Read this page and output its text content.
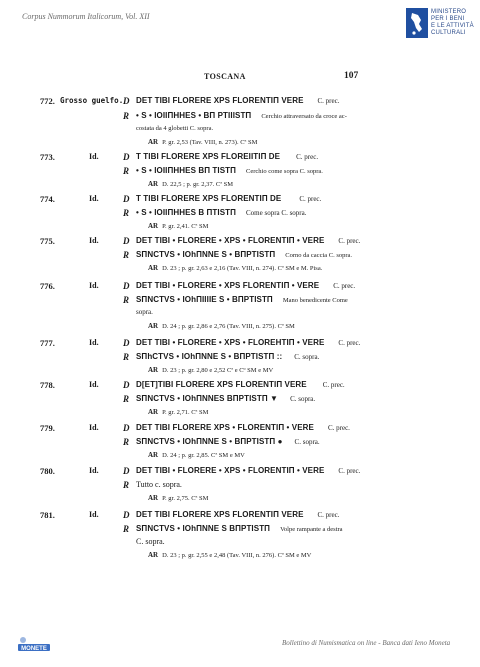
Corpus Nummorum Italicorum, Vol. XII	MINISTERO
PER I BENI
E LE ATTIVITÀ
CULTURALI
TOSCANA	107
772. Grosso guelfo. D DET TIBI FLORERE XPS FLORENTIΠ VERE C. prec.
R • S • IOIIΠHHES • BΠ PTIIISTΠ Cerchio attraversato da croce ac-
costata da 4 globetti C. sopra.
AR P. gr. 2,53 (Tav. VIII, n. 273). Cª SM
773.	Id.	D T TIBI FLORERE XPS FLOREIITIΠ DE C. prec.
R • S • IOIIΠHHES BΠ TISTΠ Cerchio come sopra C. sopra.
AR D. 22,5 ; p. gr. 2,37. Cª SM
774.	Id.	D T TIBI FLORERE XPS FLORENTIΠ DE	C. prec.
R • S • IOIIΠHHES B ΠTISTΠ Come sopra C. sopra.
AR P. gr. 2,41. Cª SM
775.	Id.	D DET TIBI • FLORERE • XPS • FLORENTIΠ • VERE C. prec.
R SΠNCTVS • IOhΠNNE S • BΠPTISTΠ Corno da caccia C. sopra.
AR D. 23 ; p. gr. 2,63 e 2,16 (Tav. VIII, n. 274). Cª SM e M. Pisa.
776.	Id.	D DET TIBI • FLORERE • XPS FLORENTIΠ • VERE C. prec.
R SΠNCTVS • IOhΠIIIIE S • BΠPTISTΠ Mano benedicente Come
sopra.
AR D. 24 ; p. gr. 2,86 e 2,76 (Tav. VIII, n. 275). Cª SM
777.	Id.	D DET TIBI • FLORERE • XPS • FLOREHTIΠ • VERE C. prec.
R SΠhCTVS • IOhΠNNE S • BΠPTISTΠ :: C. sopra.
AR D. 23 ; p. gr. 2,80 e 2,52 Cª e Cº SM e MV
778.	Id.	D D[ET]TIBI FLORERE XPS FLORENTIΠ VERE C. prec.
R SΠNCTVS • IOhΠNNES BΠPTISTΠ ▼ C. sopra.
AR P. gr. 2,71. Cª SM
779.	Id.	D DET TIBI FLORERE XPS • FLORENTIΠ • VERE C. prec.
R SΠNCTVS • IOhΠNNE S • BΠPTISTΠ ● C. sopra.
AR D. 24 ; p. gr. 2,85. Cª SM e MV
780.	Id.	D DET TIBI • FLORERE • XPS • FLORENTIΠ • VERE C. prec.
R Tutto c. sopra.
AR P. gr. 2,75. Cª SM
781.	Id.	D DET TIBI FLORERE XPS FLORENTIΠ VERE C. prec.
R SΠNCTVS • IOhΠNNE S BΠPTISTΠ Volpe rampante a destra
C. sopra.
AR D. 23 ; p. gr. 2,55 e 2,48 (Tav. VIII, n. 276). Cª SM e MV
MONETE
Bollettino di Numismatica on line - Banca dati Ieno Moneta
